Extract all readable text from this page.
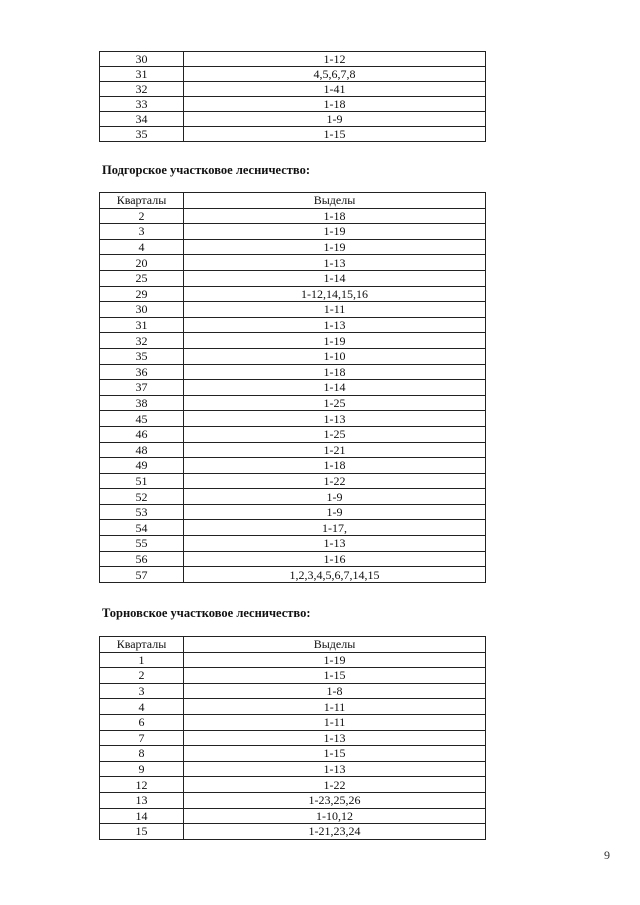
30	1-12
31	4,5,6,7,8
32	1-41
33	1-18
34	1-9
35	1-15

Подгорское участковое лесничество:

Кварталы	Выделы
2	1-18
3	1-19
4	1-19
20	1-13
25	1-14
29	1-12,14,15,16
30	1-11
31	1-13
32	1-19
35	1-10
36	1-18
37	1-14
38	1-25
45	1-13
46	1-25
48	1-21
49	1-18
51	1-22
52	1-9
53	1-9
54	1-17,
55	1-13
56	1-16
57	1,2,3,4,5,6,7,14,15

Торновское участковое лесничество:

Кварталы	Выделы
1	1-19
2	1-15
3	1-8
4	1-11
6	1-11
7	1-13
8	1-15
9	1-13
12	1-22
13	1-23,25,26
14	1-10,12
15	1-21,23,24
9
